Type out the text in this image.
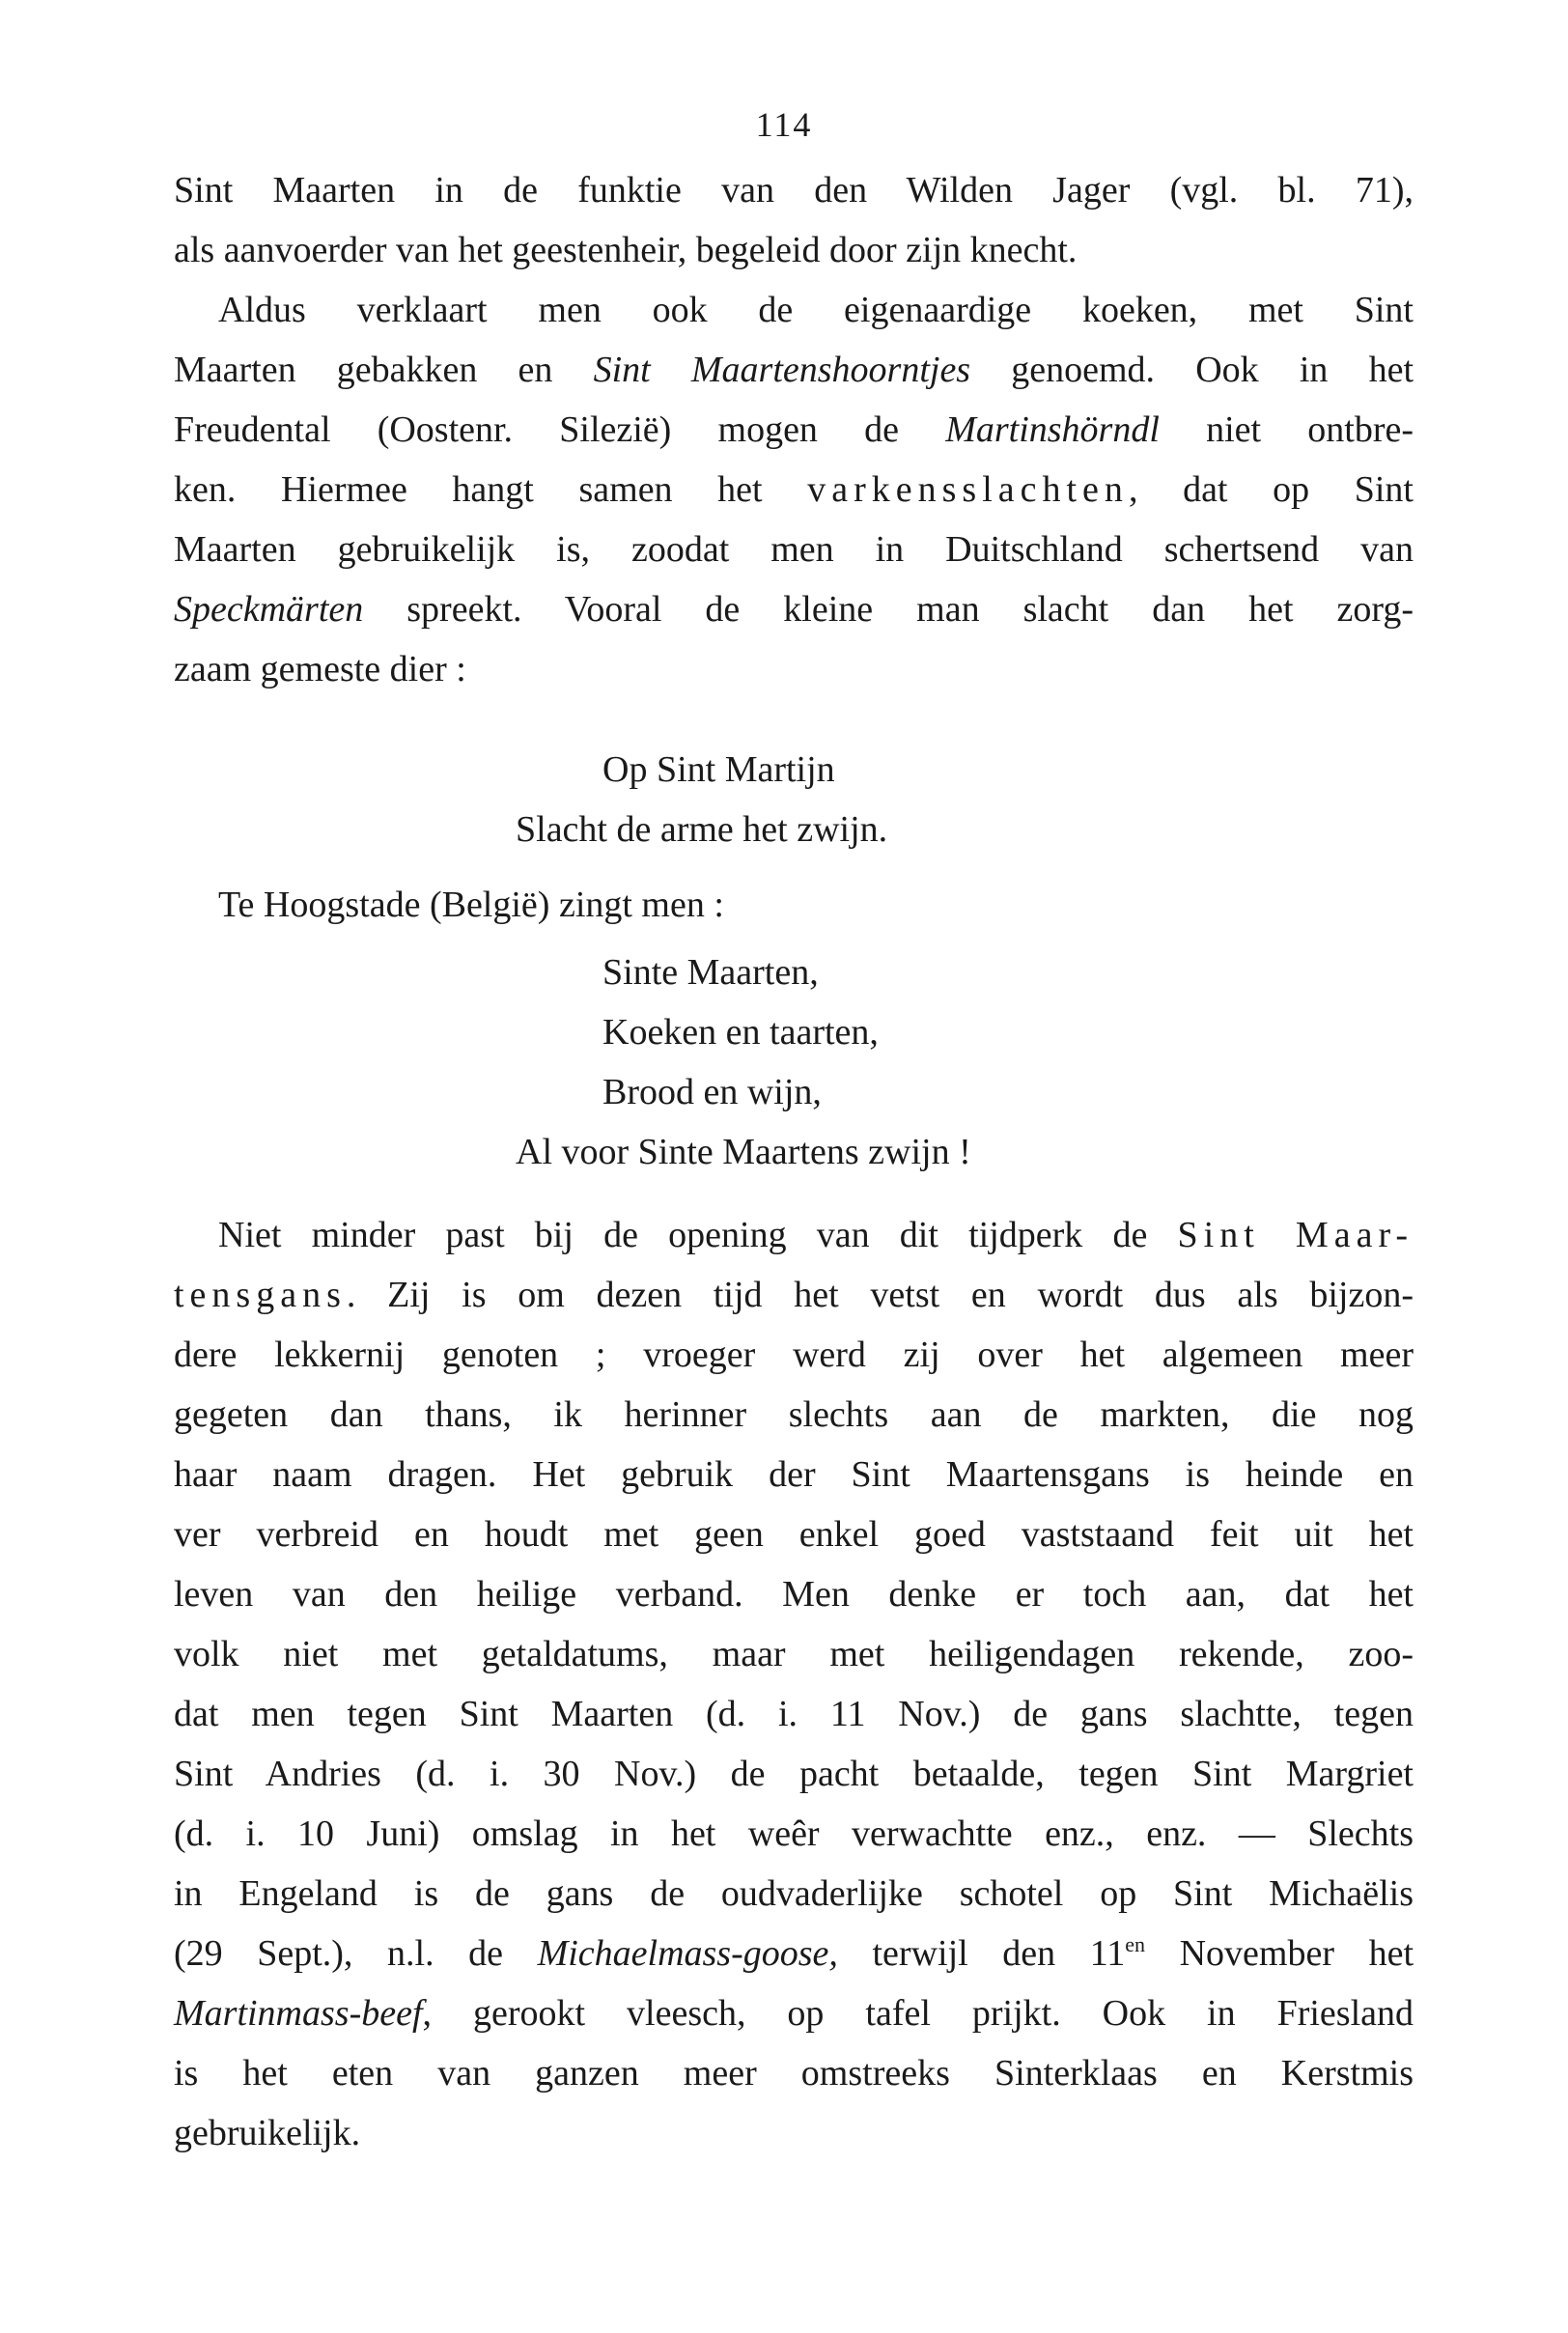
114
Sint Maarten in de funktie van den Wilden Jager (vgl. bl. 71),
als aanvoerder van het geestenheir, begeleid door zijn knecht.
Aldus verklaart men ook de eigenaardige koeken, met Sint
Maarten gebakken en Sint Maartenshoorntjes genoemd. Ook in het
Freudental (Oostenr. Silezië) mogen de Martinshörndl niet ontbre-
ken. Hiermee hangt samen het varkensslachten, dat op Sint
Maarten gebruikelijk is, zoodat men in Duitschland schertsend van
Speckmärten spreekt. Vooral de kleine man slacht dan het zorg-
zaam gemeste dier :
Op Sint Martijn
Slacht de arme het zwijn.
Te Hoogstade (België) zingt men :
Sinte Maarten,
Koeken en taarten,
Brood en wijn,
Al voor Sinte Maartens zwijn !
Niet minder past bij de opening van dit tijdperk de Sint Maar-
tensgans. Zij is om dezen tijd het vetst en wordt dus als bijzon-
dere lekkernij genoten ; vroeger werd zij over het algemeen meer
gegeten dan thans, ik herinner slechts aan de markten, die nog
haar naam dragen. Het gebruik der Sint Maartensgans is heinde en
ver verbreid en houdt met geen enkel goed vaststaand feit uit het
leven van den heilige verband. Men denke er toch aan, dat het
volk niet met getaldatums, maar met heiligendagen rekende, zoo-
dat men tegen Sint Maarten (d. i. 11 Nov.) de gans slachtte, tegen
Sint Andries (d. i. 30 Nov.) de pacht betaalde, tegen Sint Margriet
(d. i. 10 Juni) omslag in het weêr verwachtte enz., enz. — Slechts
in Engeland is de gans de oudvaderlijke schotel op Sint Michaëlis
(29 Sept.), n.l. de Michaelmass-goose, terwijl den $11^{en}$ November het
Martinmass-beef, gerookt vleesch, op tafel prijkt. Ook in Friesland
is het eten van ganzen meer omstreeks Sinterklaas en Kerstmis
gebruikelijk.
